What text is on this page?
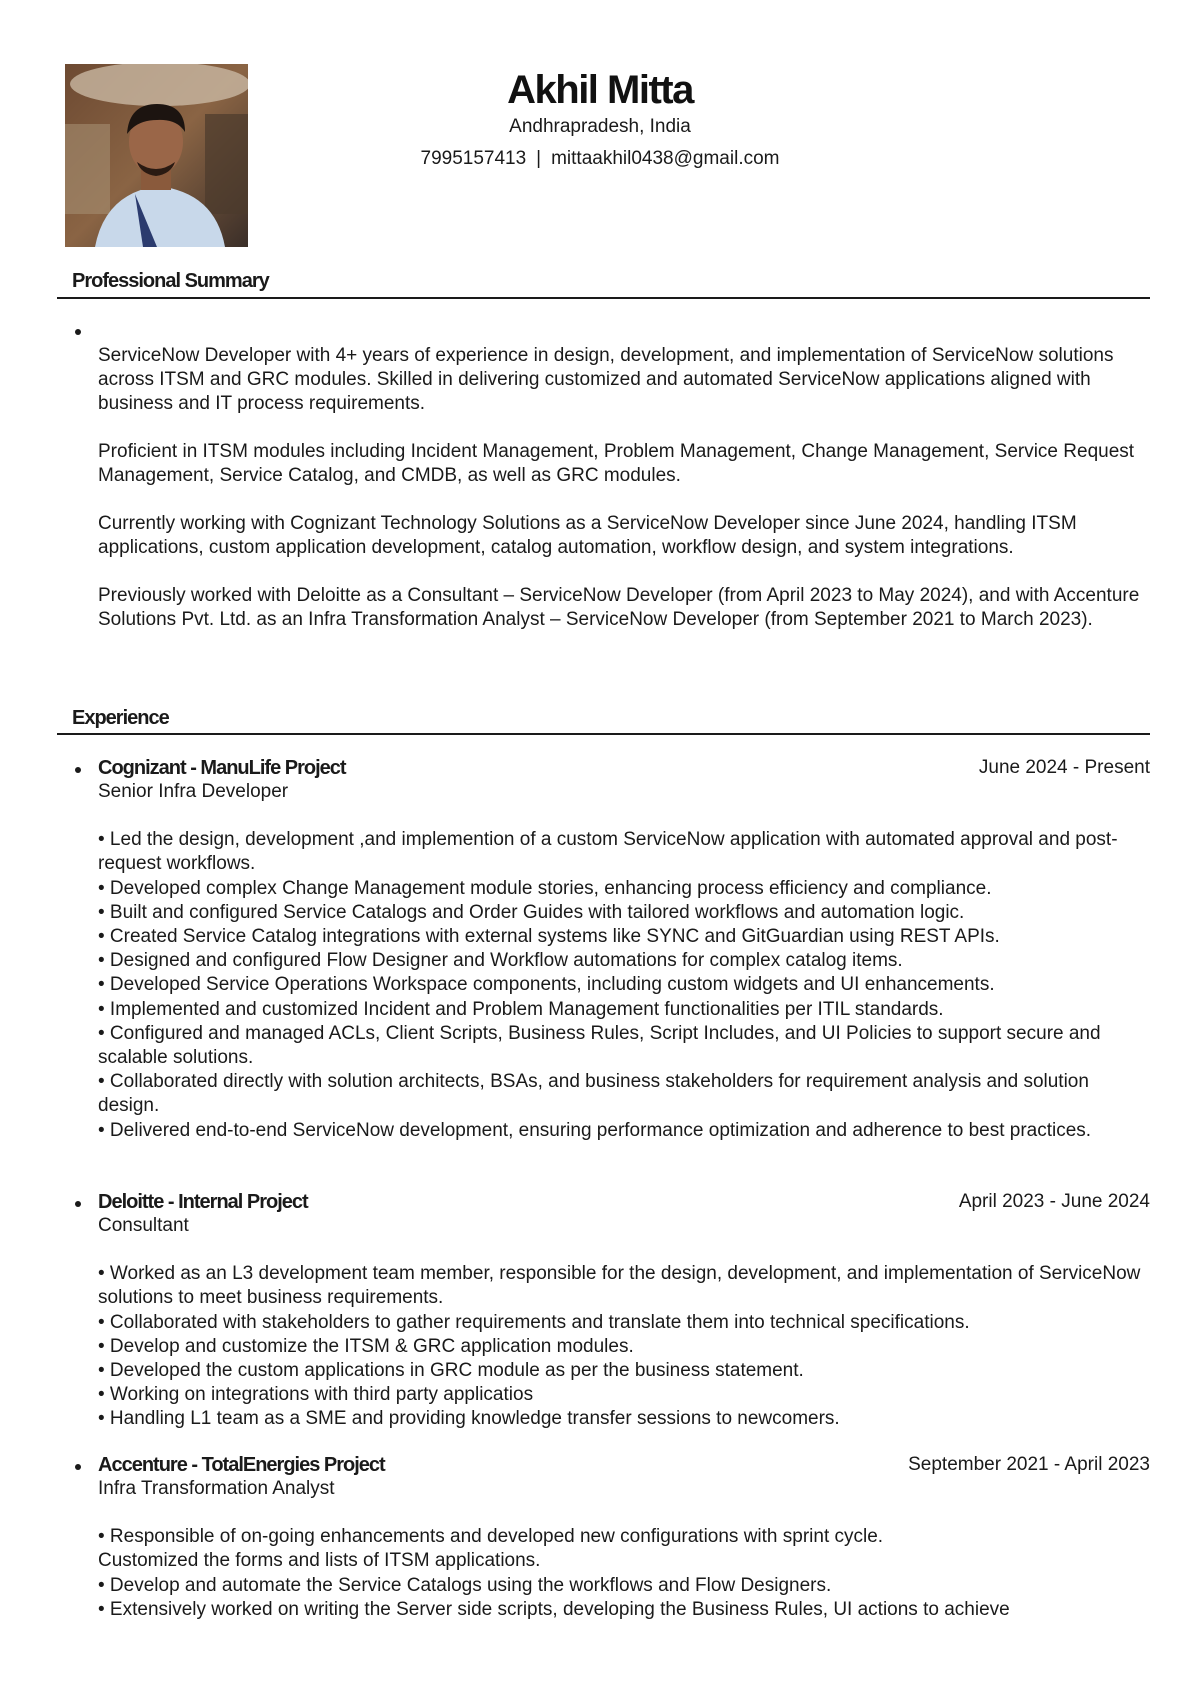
Akhil Mitta
Andhrapradesh, India
7995157413 | mittaakhil0438@gmail.com
Professional Summary

ServiceNow Developer with 4+ years of experience in design, development, and implementation of ServiceNow solutions across ITSM and GRC modules. Skilled in delivering customized and automated ServiceNow applications aligned with business and IT process requirements.

Proficient in ITSM modules including Incident Management, Problem Management, Change Management, Service Request Management, Service Catalog, and CMDB, as well as GRC modules.

Currently working with Cognizant Technology Solutions as a ServiceNow Developer since June 2024, handling ITSM applications, custom application development, catalog automation, workflow design, and system integrations.

Previously worked with Deloitte as a Consultant – ServiceNow Developer (from April 2023 to May 2024), and with Accenture Solutions Pvt. Ltd. as an Infra Transformation Analyst – ServiceNow Developer (from September 2021 to March 2023).

Experience
Cognizant - ManuLife Project	June 2024 - Present
Senior Infra Developer
• Led the design, development ,and implemention of a custom ServiceNow application with automated approval and post-request workflows.
• Developed complex Change Management module stories, enhancing process efficiency and compliance.
• Built and configured Service Catalogs and Order Guides with tailored workflows and automation logic.
• Created Service Catalog integrations with external systems like SYNC and GitGuardian using REST APIs.
• Designed and configured Flow Designer and Workflow automations for complex catalog items.
• Developed Service Operations Workspace components, including custom widgets and UI enhancements.
• Implemented and customized Incident and Problem Management functionalities per ITIL standards.
• Configured and managed ACLs, Client Scripts, Business Rules, Script Includes, and UI Policies to support secure and scalable solutions.
• Collaborated directly with solution architects, BSAs, and business stakeholders for requirement analysis and solution design.
• Delivered end-to-end ServiceNow development, ensuring performance optimization and adherence to best practices.
Deloitte - Internal Project	April 2023 - June 2024
Consultant
• Worked as an L3 development team member, responsible for the design, development, and implementation of ServiceNow solutions to meet business requirements.
• Collaborated with stakeholders to gather requirements and translate them into technical specifications.
• Develop and customize the ITSM & GRC application modules.
• Developed the custom applications in GRC module as per the business statement.
• Working on integrations with third party applicatios
• Handling L1 team as a SME and providing knowledge transfer sessions to newcomers.
Accenture - TotalEnergies Project	September 2021 - April 2023
Infra Transformation Analyst
• Responsible of on-going enhancements and developed new configurations with sprint cycle.
Customized the forms and lists of ITSM applications.
• Develop and automate the Service Catalogs using the workflows and Flow Designers.
• Extensively worked on writing the Server side scripts, developing the Business Rules, UI actions to achieve
